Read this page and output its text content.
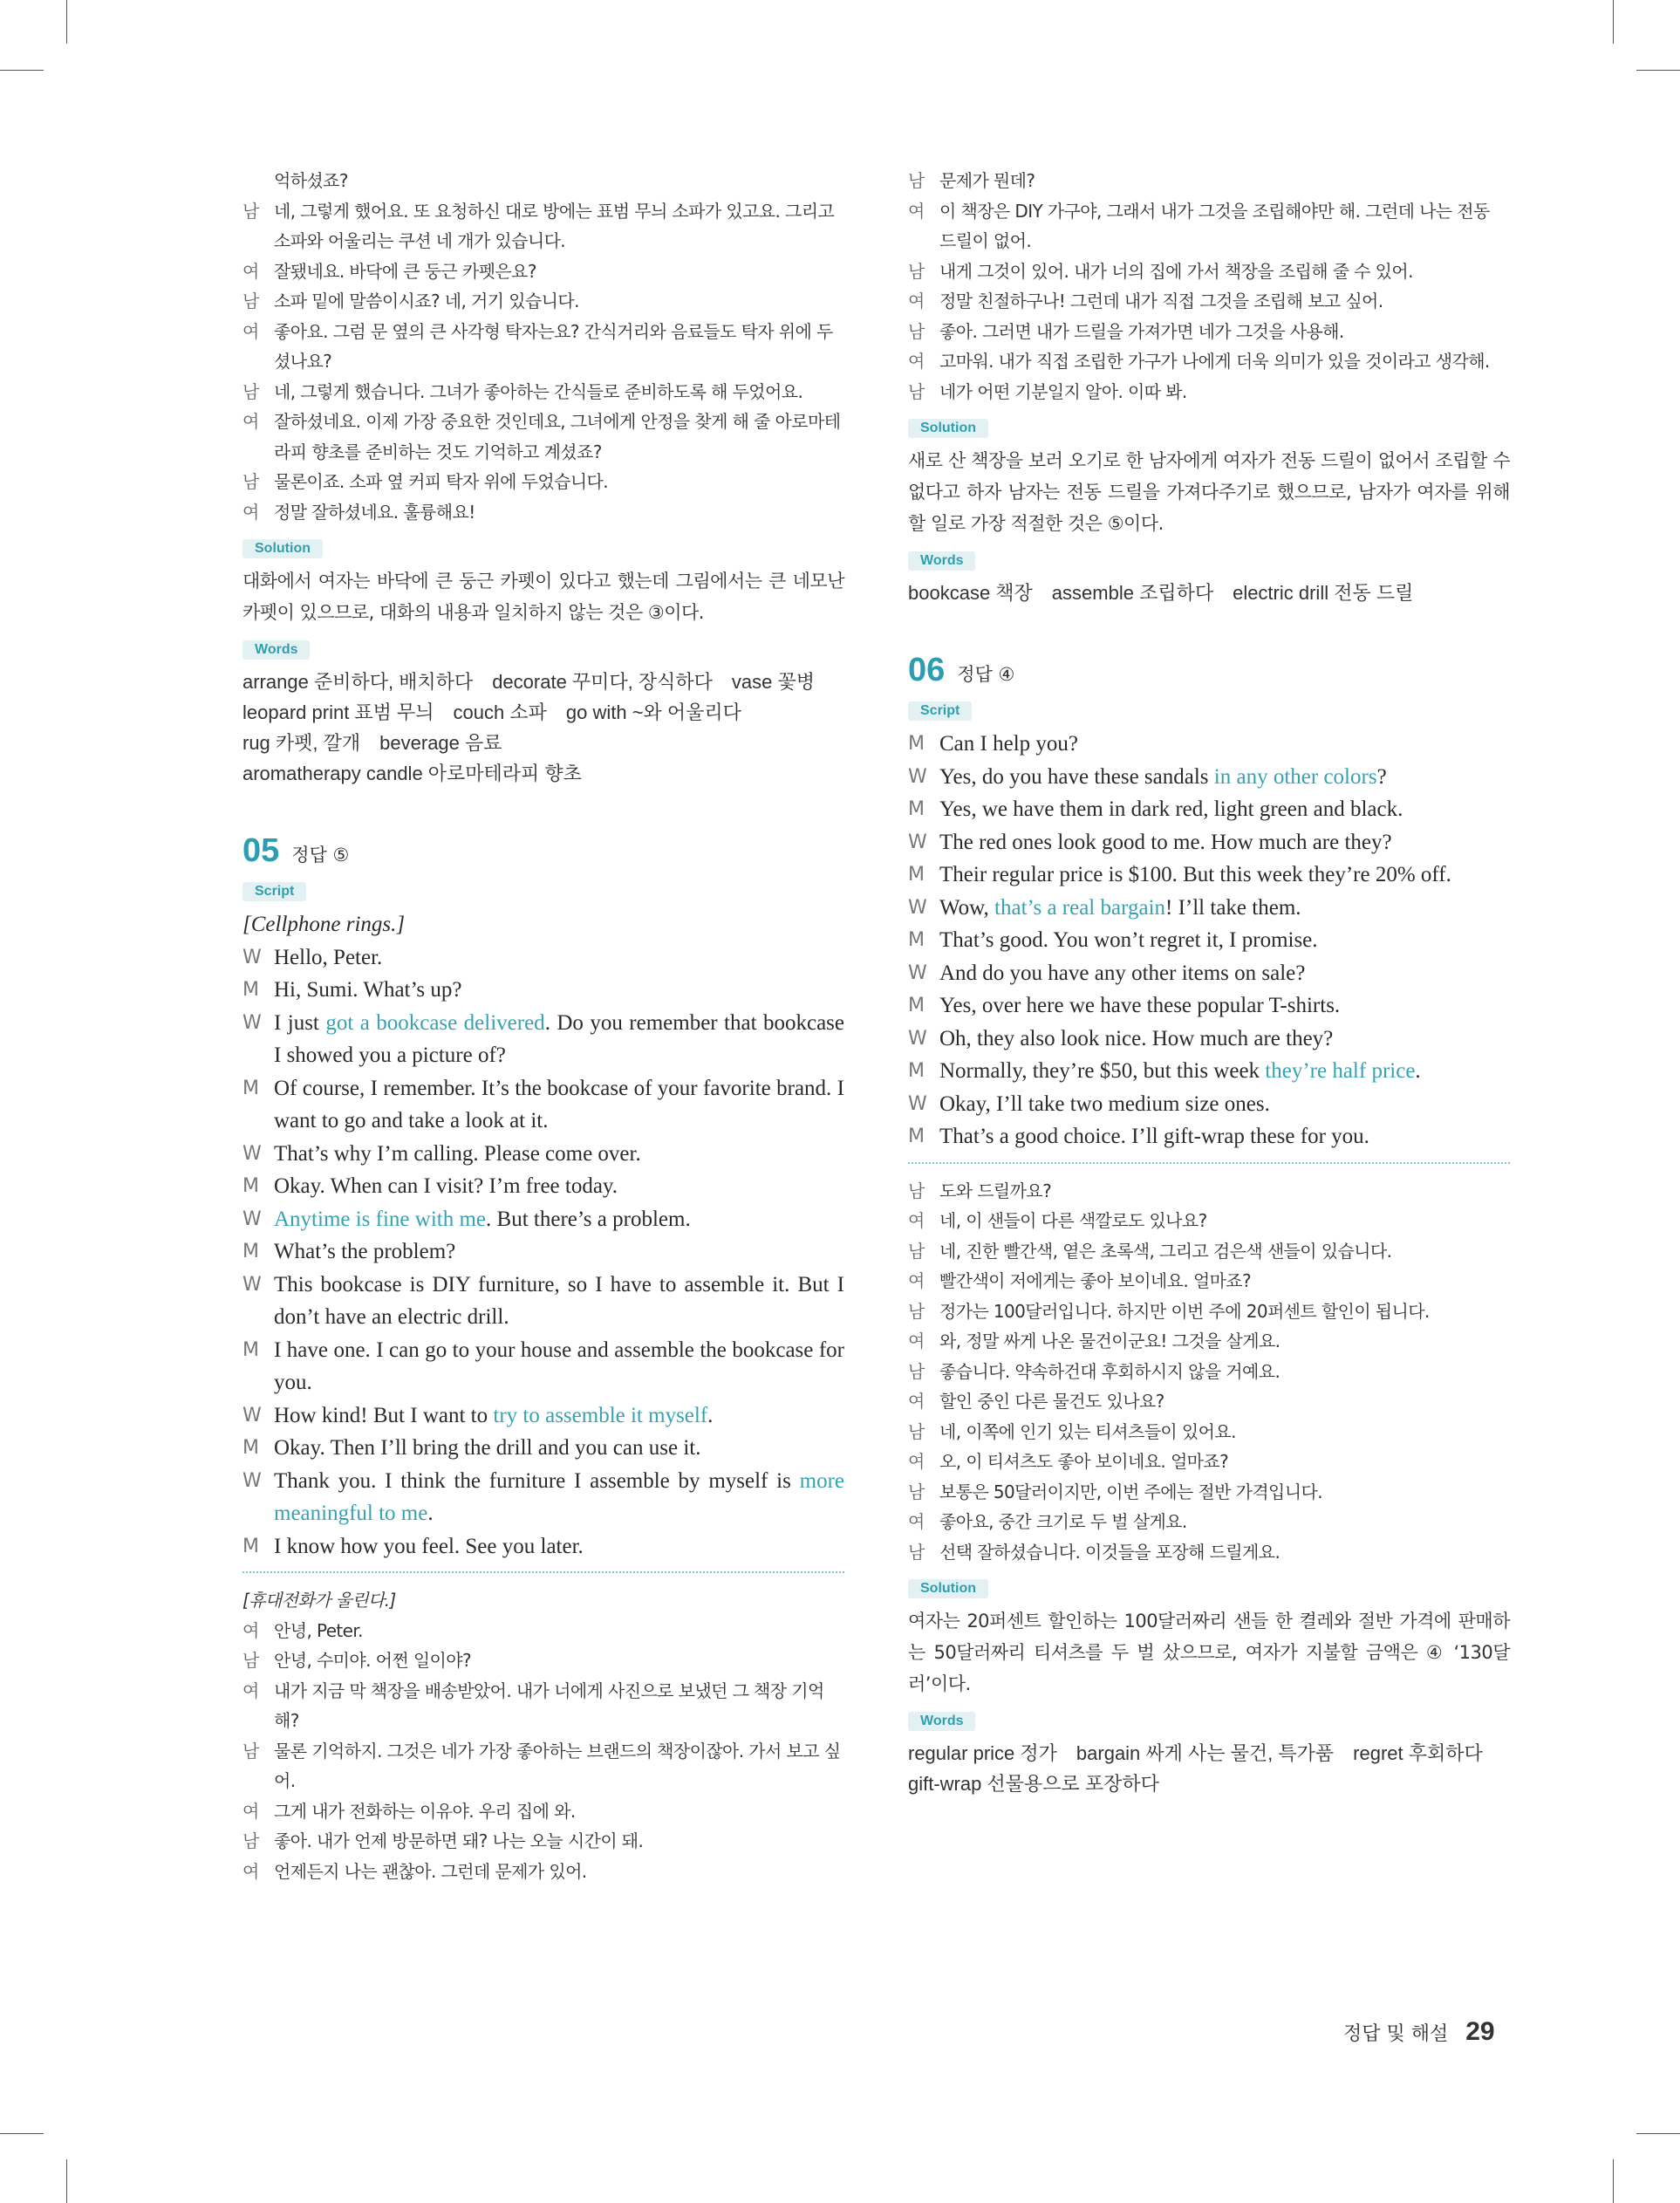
억하셨죠?
남 네, 그렇게 했어요. 또 요청하신 대로 방에는 표범 무늬 소파가 있고요. 그리고 소파와 어울리는 쿠션 네 개가 있습니다.
여 잘됐네요. 바닥에 큰 둥근 카펫은요?
남 소파 밑에 말씀이시죠? 네, 거기 있습니다.
여 좋아요. 그럼 문 옆의 큰 사각형 탁자는요? 간식거리와 음료들도 탁자 위에 두셨나요?
남 네, 그렇게 했습니다. 그녀가 좋아하는 간식들로 준비하도록 해 두었어요.
여 잘하셨네요. 이제 가장 중요한 것인데요, 그녀에게 안정을 찾게 해 줄 아로마테라피 향초를 준비하는 것도 기억하고 계셨죠?
남 물론이죠. 소파 옆 커피 탁자 위에 두었습니다.
여 정말 잘하셨네요. 훌륭해요!
Solution
대화에서 여자는 바닥에 큰 둥근 카펫이 있다고 했는데 그림에서는 큰 네모난 카펫이 있으므로, 대화의 내용과 일치하지 않는 것은 ③이다.
Words
arrange 준비하다, 배치하다 decorate 꾸미다, 장식하다 vase 꽃병
leopard print 표범 무늬 couch 소파 go with ~와 어울리다
rug 카펫, 깔개 beverage 음료
aromatherapy candle 아로마테라피 향초
05 정답 ⑤
Script
[Cellphone rings.]
W Hello, Peter.
M Hi, Sumi. What’s up?
W I just got a bookcase delivered. Do you remember that bookcase I showed you a picture of?
M Of course, I remember. It’s the bookcase of your favorite brand. I want to go and take a look at it.
W That’s why I’m calling. Please come over.
M Okay. When can I visit? I’m free today.
W Anytime is fine with me. But there’s a problem.
M What’s the problem?
W This bookcase is DIY furniture, so I have to assemble it. But I don’t have an electric drill.
M I have one. I can go to your house and assemble the bookcase for you.
W How kind! But I want to try to assemble it myself.
M Okay. Then I’ll bring the drill and you can use it.
W Thank you. I think the furniture I assemble by myself is more meaningful to me.
M I know how you feel. See you later.
[휴대전화가 울린다.]
여 안녕, Peter.
남 안녕, 수미야. 어쩐 일이야?
여 내가 지금 막 책장을 배송받았어. 내가 너에게 사진으로 보냈던 그 책장 기억해?
남 물론 기억하지. 그것은 네가 가장 좋아하는 브랜드의 책장이잖아. 가서 보고 싶어.
여 그게 내가 전화하는 이유야. 우리 집에 와.
남 좋아. 내가 언제 방문하면 돼? 나는 오늘 시간이 돼.
여 언제든지 나는 괜찮아. 그런데 문제가 있어.
남 문제가 뭔데?
여 이 책장은 DIY 가구야, 그래서 내가 그것을 조립해야만 해. 그런데 나는 전동 드릴이 없어.
남 내게 그것이 있어. 내가 너의 집에 가서 책장을 조립해 줄 수 있어.
여 정말 친절하구나! 그런데 내가 직접 그것을 조립해 보고 싶어.
남 좋아. 그러면 내가 드릴을 가져가면 네가 그것을 사용해.
여 고마워. 내가 직접 조립한 가구가 나에게 더욱 의미가 있을 것이라고 생각해.
남 네가 어떤 기분일지 알아. 이따 봐.
Solution
새로 산 책장을 보러 오기로 한 남자에게 여자가 전동 드릴이 없어서 조립할 수 없다고 하자 남자는 전동 드릴을 가져다주기로 했으므로, 남자가 여자를 위해 할 일로 가장 적절한 것은 ⑤이다.
Words
bookcase 책장 assemble 조립하다 electric drill 전동 드릴
06 정답 ④
Script
M Can I help you?
W Yes, do you have these sandals in any other colors?
M Yes, we have them in dark red, light green and black.
W The red ones look good to me. How much are they?
M Their regular price is $100. But this week they’re 20% off.
W Wow, that’s a real bargain! I’ll take them.
M That’s good. You won’t regret it, I promise.
W And do you have any other items on sale?
M Yes, over here we have these popular T-shirts.
W Oh, they also look nice. How much are they?
M Normally, they’re $50, but this week they’re half price.
W Okay, I’ll take two medium size ones.
M That’s a good choice. I’ll gift-wrap these for you.
남 도와 드릴까요?
여 네, 이 샌들이 다른 색깔로도 있나요?
남 네, 진한 빨간색, 옅은 초록색, 그리고 검은색 샌들이 있습니다.
여 빨간색이 저에게는 좋아 보이네요. 얼마죠?
남 정가는 100달러입니다. 하지만 이번 주에 20퍼센트 할인이 됩니다.
여 와, 정말 싸게 나온 물건이군요! 그것을 살게요.
남 좋습니다. 약속하건대 후회하시지 않을 거예요.
여 할인 중인 다른 물건도 있나요?
남 네, 이쪽에 인기 있는 티셔츠들이 있어요.
여 오, 이 티셔츠도 좋아 보이네요. 얼마죠?
남 보통은 50달러이지만, 이번 주에는 절반 가격입니다.
여 좋아요, 중간 크기로 두 벌 살게요.
남 선택 잘하셨습니다. 이것들을 포장해 드릴게요.
Solution
여자는 20퍼센트 할인하는 100달러짜리 샌들 한 켤레와 절반 가격에 판매하는 50달러짜리 티셔츠를 두 벌 샀으므로, 여자가 지불할 금액은 ④ ‘130달러’이다.
Words
regular price 정가 bargain 싸게 사는 물건, 특가품 regret 후회하다
gift-wrap 선물용으로 포장하다
정답 및 해설 29
